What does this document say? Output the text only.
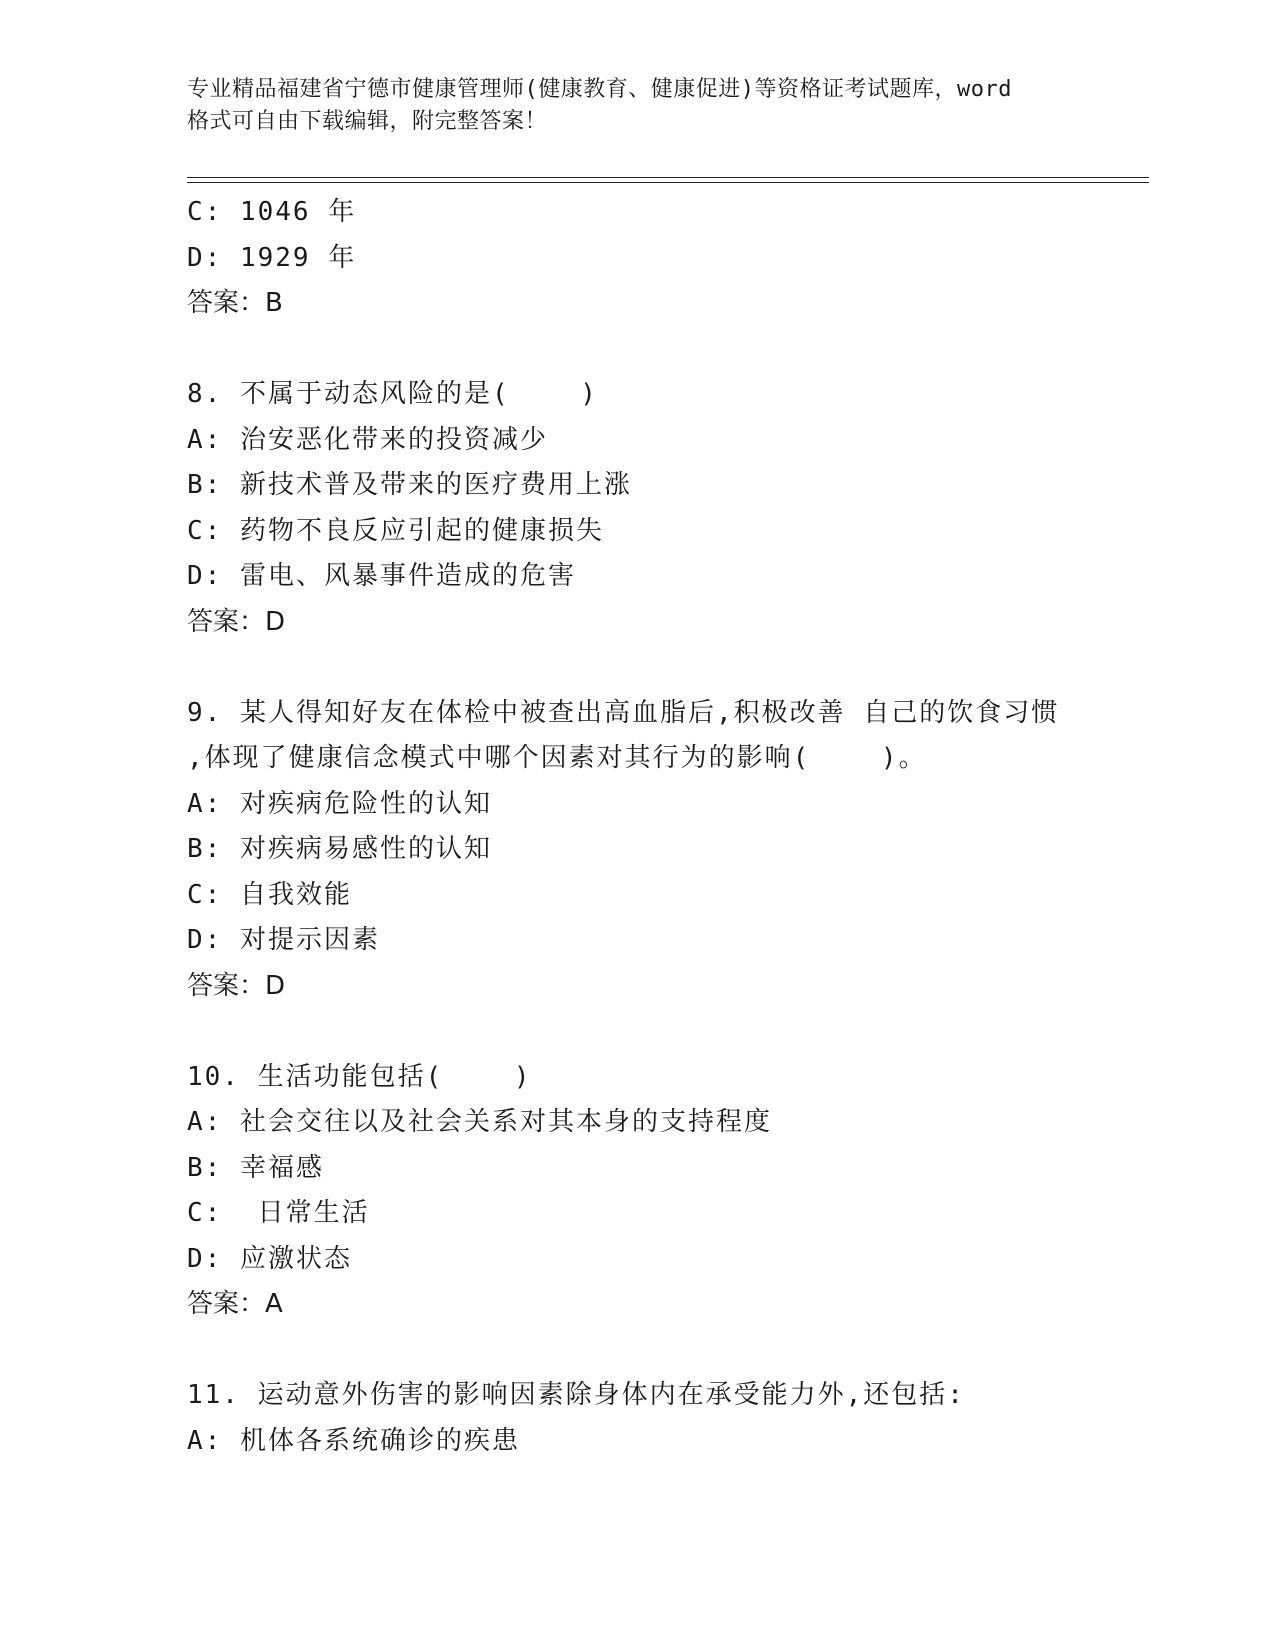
专业精品福建省宁德市健康管理师(健康教育、健康促进)等资格证考试题库，word
格式可自由下载编辑，附完整答案！
C: 1046 年
D: 1929 年
答案：B
8. 不属于动态风险的是(    )
A: 治安恶化带来的投资减少
B: 新技术普及带来的医疗费用上涨
C: 药物不良反应引起的健康损失
D: 雷电、风暴事件造成的危害
答案：D
9. 某人得知好友在体检中被查出高血脂后,积极改善 自己的饮食习惯
,体现了健康信念模式中哪个因素对其行为的影响(    )。
A: 对疾病危险性的认知
B: 对疾病易感性的认知
C: 自我效能
D: 对提示因素
答案：D
10. 生活功能包括(    )
A: 社会交往以及社会关系对其本身的支持程度
B: 幸福感
C:  日常生活
D: 应激状态
答案：A
11. 运动意外伤害的影响因素除身体内在承受能力外,还包括:
A: 机体各系统确诊的疾患
